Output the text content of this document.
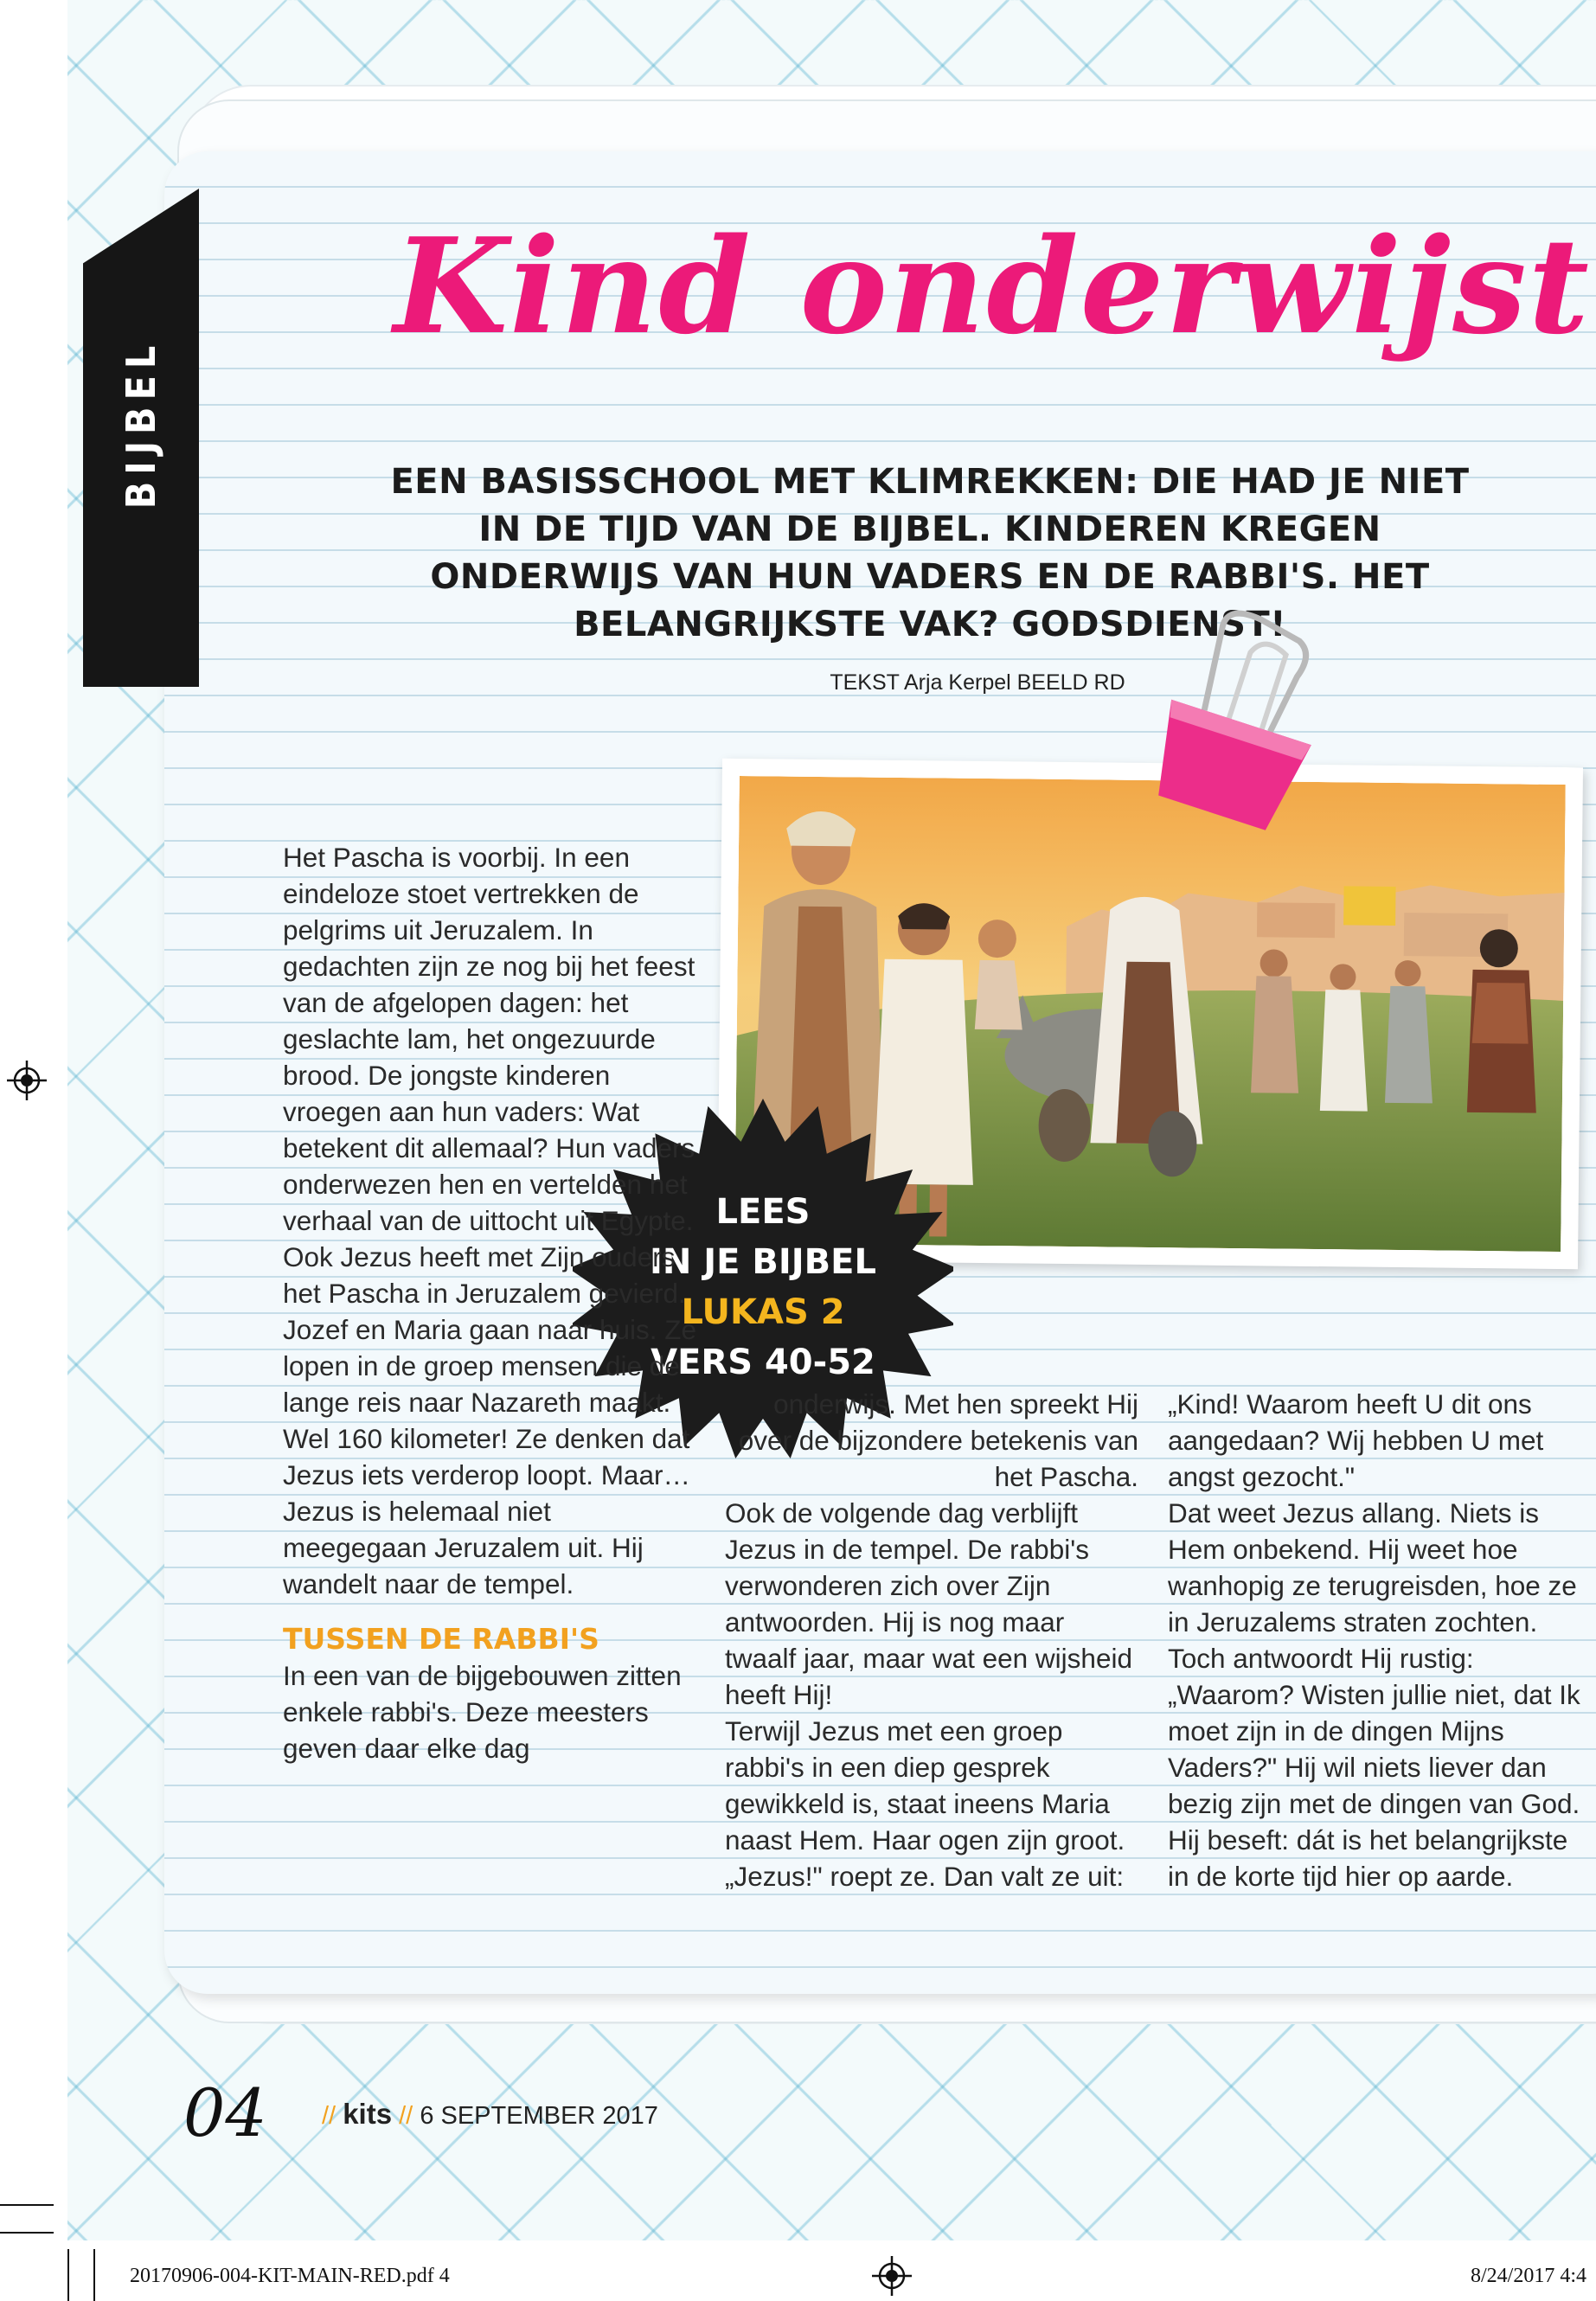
BIJBEL
Kind onderwijst
EEN BASISSCHOOL MET KLIMREKKEN: DIE HAD JE NIET IN DE TIJD VAN DE BIJBEL. KINDEREN KREGEN ONDERWIJS VAN HUN VADERS EN DE RABBI'S. HET BELANGRIJKSTE VAK? GODSDIENST!
TEKST Arja Kerpel BEELD RD
LEES
IN JE BIJBEL
LUKAS 2
VERS 40-52
Het Pascha is voorbij. In een eindeloze stoet vertrekken de pelgrims uit Jeruzalem. In gedachten zijn ze nog bij het feest van de afgelopen dagen: het geslachte lam, het ongezuurde brood. De jongste kinderen vroegen aan hun vaders: Wat betekent dit allemaal? Hun vaders onderwezen hen en vertelden het verhaal van de uittocht uit Egypte.
Ook Jezus heeft met Zijn ouders het Pascha in Jeruzalem gevierd. Jozef en Maria gaan naar huis. Ze lopen in de groep mensen die de lange reis naar Nazareth maakt. Wel 160 kilometer! Ze denken dat Jezus iets verderop loopt. Maar… Jezus is helemaal niet meegegaan Jeruzalem uit. Hij wandelt naar de tempel.
TUSSEN DE RABBI'S
In een van de bijgebouwen zitten enkele rabbi's. Deze meesters geven daar elke dag
onderwijs. Met hen spreekt Hij over de bijzondere betekenis van het Pascha.
Ook de volgende dag verblijft Jezus in de tempel. De rabbi's verwonderen zich over Zijn antwoorden. Hij is nog maar twaalf jaar, maar wat een wijsheid heeft Hij!
Terwijl Jezus met een groep rabbi's in een diep gesprek gewikkeld is, staat ineens Maria naast Hem. Haar ogen zijn groot. „Jezus!" roept ze. Dan valt ze uit:
„Kind! Waarom heeft U dit ons aangedaan? Wij hebben U met angst gezocht."
Dat weet Jezus allang. Niets is Hem onbekend. Hij weet hoe wanhopig ze terugreisden, hoe ze in Jeruzalems straten zochten. Toch antwoordt Hij rustig: „Waarom? Wisten jullie niet, dat Ik moet zijn in de dingen Mijns Vaders?" Hij wil niets liever dan bezig zijn met de dingen van God. Hij beseft: dát is het belangrijkste in de korte tijd hier op aarde.
04 // kits // 6 SEPTEMBER 2017
20170906-004-KIT-MAIN-RED.pdf 4	8/24/2017 4:4
